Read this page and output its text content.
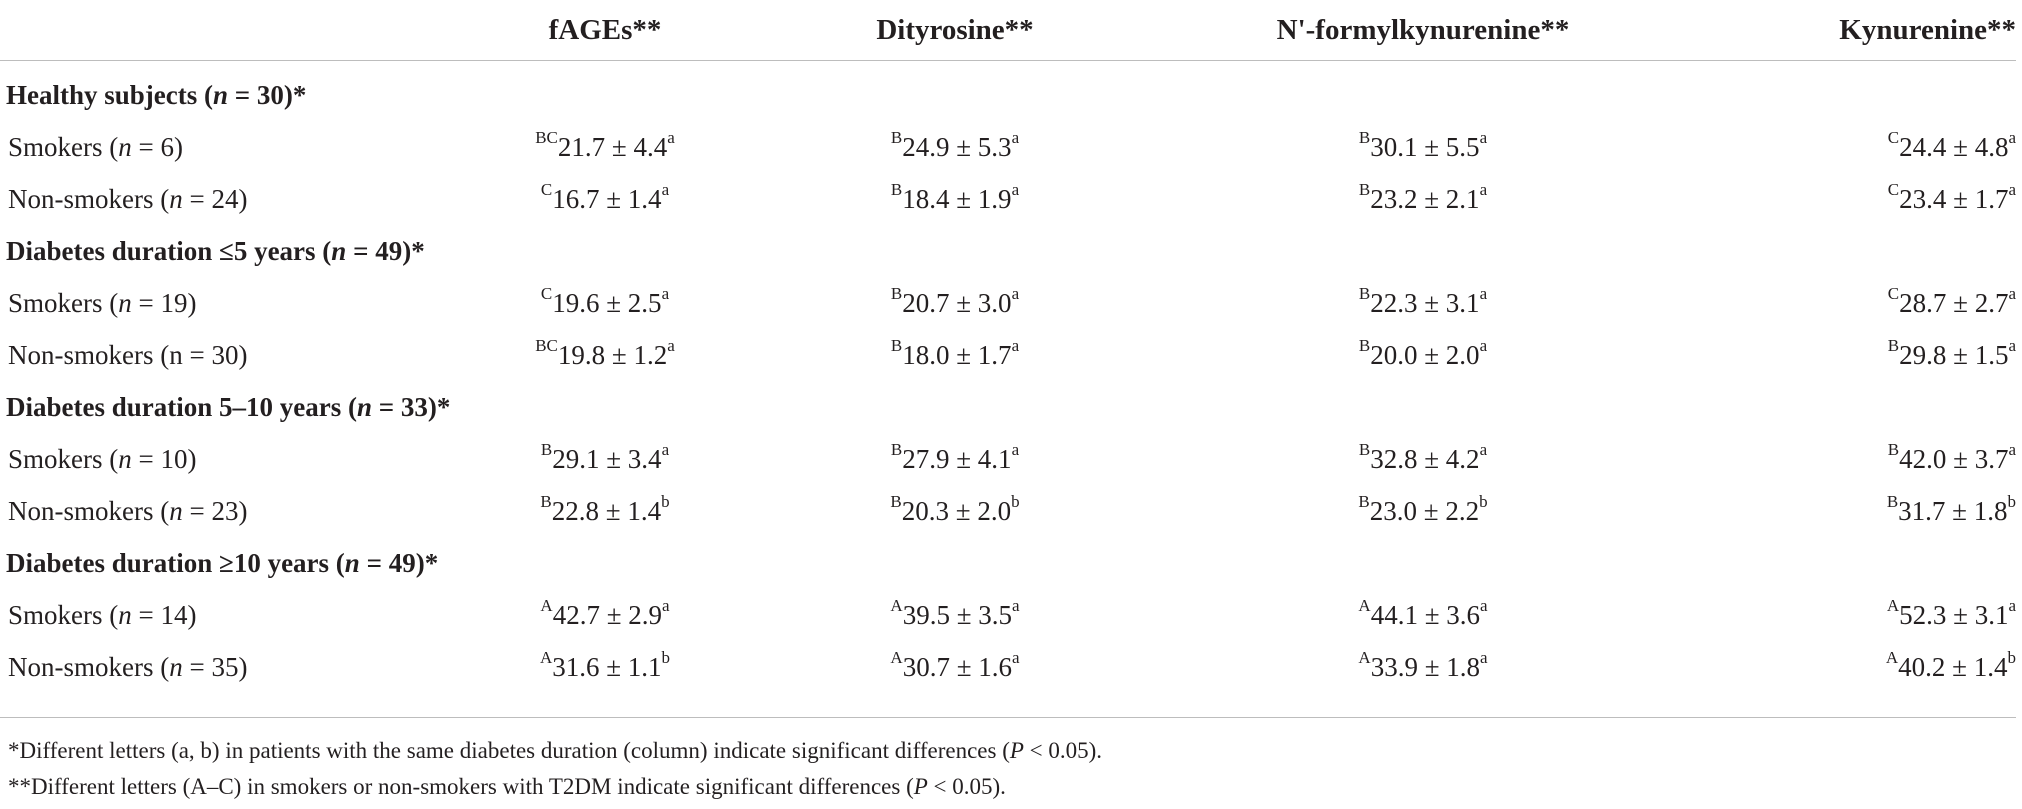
	fAGEs**	Dityrosine**	N'-formylkynurenine**	Kynurenine**
Healthy subjects (n = 30)*				
Smokers (n = 6)	$^{BC}$21.7 ± 4.4$^a$	$^B$24.9 ± 5.3$^a$	$^B$30.1 ± 5.5$^a$	$^C$24.4 ± 4.8$^a$
Non-smokers (n = 24)	$^C$16.7 ± 1.4$^a$	$^B$18.4 ± 1.9$^a$	$^B$23.2 ± 2.1$^a$	$^C$23.4 ± 1.7$^a$
Diabetes duration ≤5 years (n = 49)*				
Smokers (n = 19)	$^C$19.6 ± 2.5$^a$	$^B$20.7 ± 3.0$^a$	$^B$22.3 ± 3.1$^a$	$^C$28.7 ± 2.7$^a$
Non-smokers (n = 30)	$^{BC}$19.8 ± 1.2$^a$	$^B$18.0 ± 1.7$^a$	$^B$20.0 ± 2.0$^a$	$^B$29.8 ± 1.5$^a$
Diabetes duration 5–10 years (n = 33)*				
Smokers (n = 10)	$^B$29.1 ± 3.4$^a$	$^B$27.9 ± 4.1$^a$	$^B$32.8 ± 4.2$^a$	$^B$42.0 ± 3.7$^a$
Non-smokers (n = 23)	$^B$22.8 ± 1.4$^b$	$^B$20.3 ± 2.0$^b$	$^B$23.0 ± 2.2$^b$	$^B$31.7 ± 1.8$^b$
Diabetes duration ≥10 years (n = 49)*				
Smokers (n = 14)	$^A$42.7 ± 2.9$^a$	$^A$39.5 ± 3.5$^a$	$^A$44.1 ± 3.6$^a$	$^A$52.3 ± 3.1$^a$
Non-smokers (n = 35)	$^A$31.6 ± 1.1$^b$	$^A$30.7 ± 1.6$^a$	$^A$33.9 ± 1.8$^a$	$^A$40.2 ± 1.4$^b$
*Different letters (a, b) in patients with the same diabetes duration (column) indicate significant differences (P < 0.05).
**Different letters (A–C) in smokers or non-smokers with T2DM indicate significant differences (P < 0.05).
